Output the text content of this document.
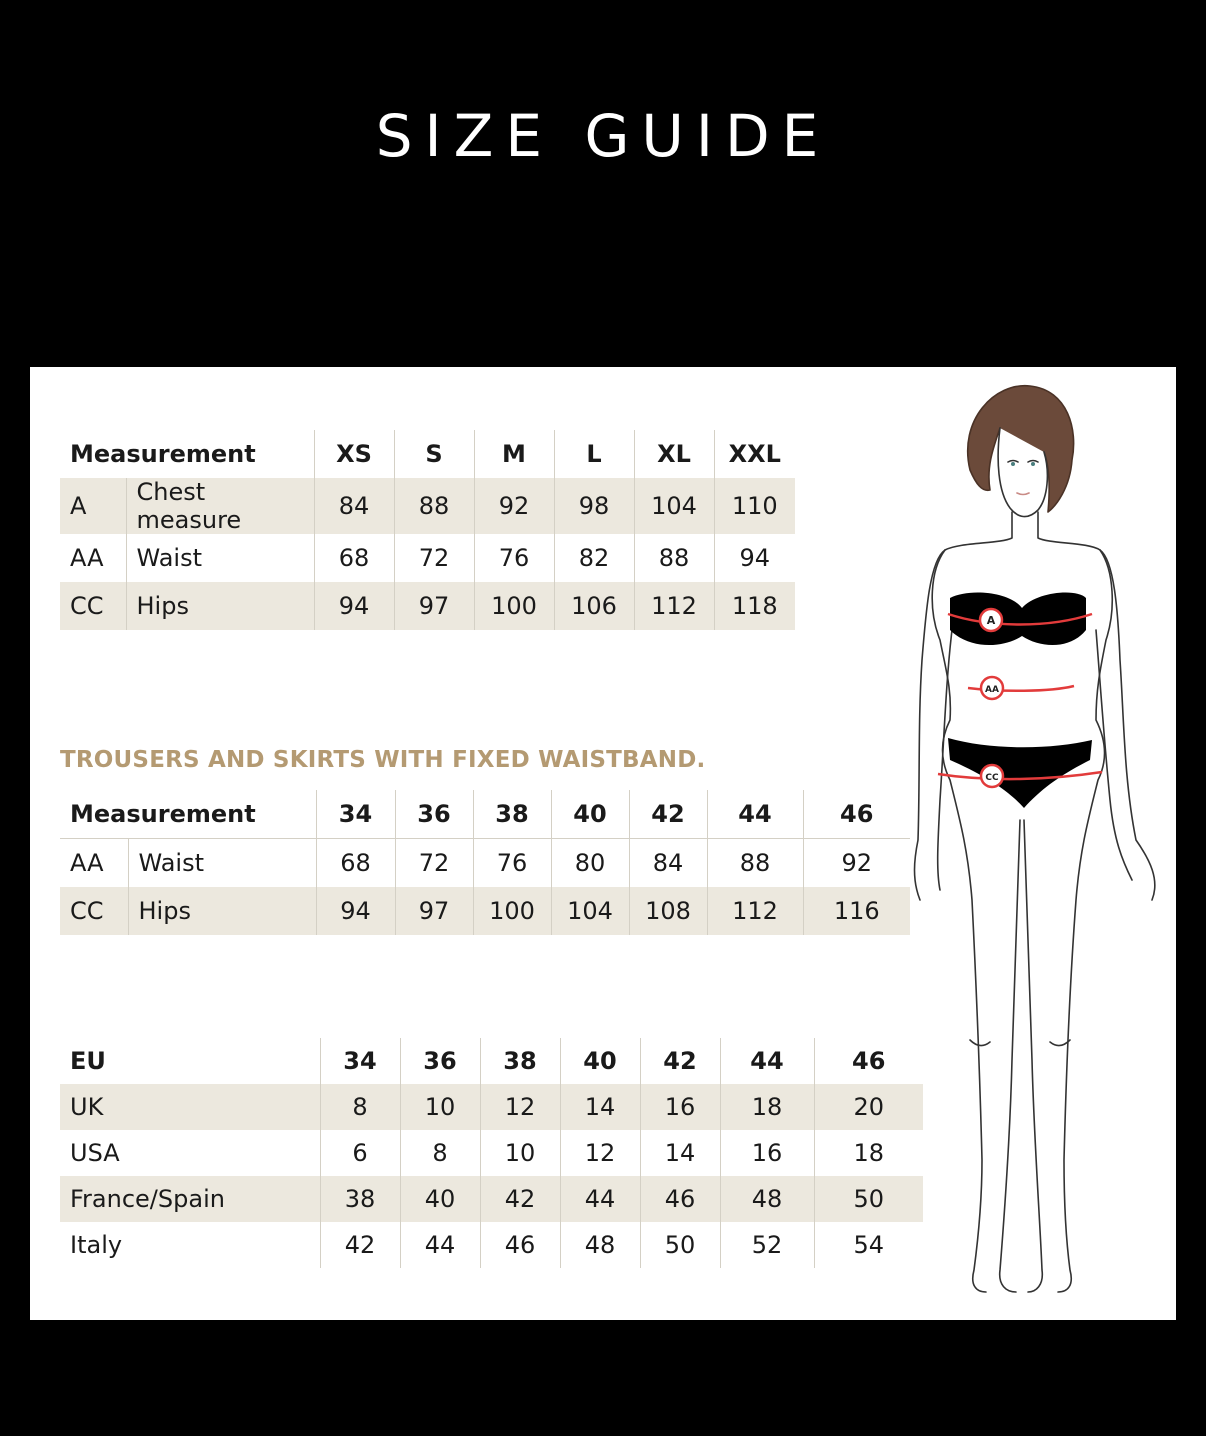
SIZE GUIDE
Measurement		XS	S	M	L	XL	XXL
A	Chest measure	84	88	92	98	104	110
AA	Waist	68	72	76	82	88	94
CC	Hips	94	97	100	106	112	118
TROUSERS AND SKIRTS WITH FIXED WAISTBAND.
Measurement		34	36	38	40	42	44	46
AA	Waist	68	72	76	80	84	88	92
CC	Hips	94	97	100	104	108	112	116
EU	34	36	38	40	42	44	46
UK	8	10	12	14	16	18	20
USA	6	8	10	12	14	16	18
France/Spain	38	40	42	44	46	48	50
Italy	42	44	46	48	50	52	54
A
AA
CC
